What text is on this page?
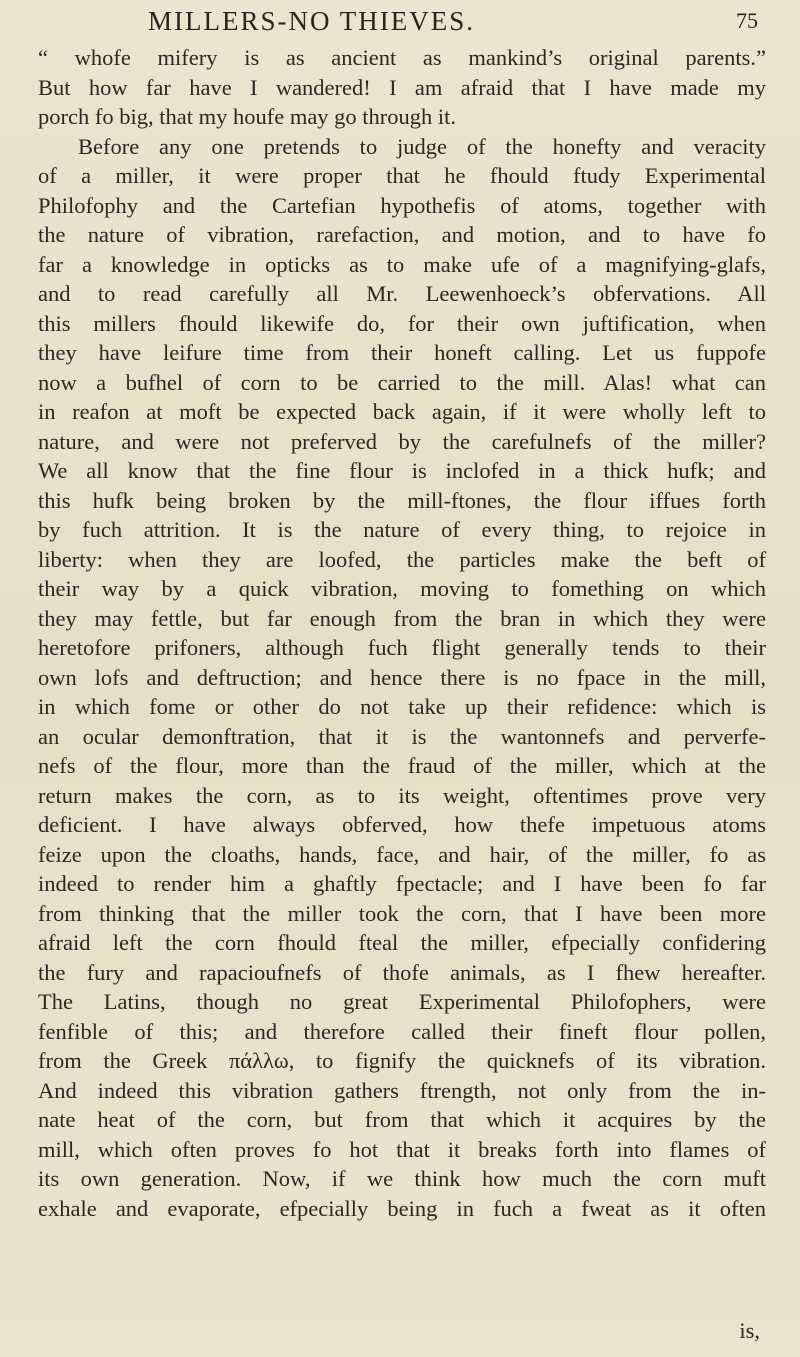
MILLERS-NO THIEVES.	75
“ whofe mifery is as ancient as mankind’s original parents.”
But how far have I wandered! I am afraid that I have made my
porch fo big, that my houfe may go through it.
Before any one pretends to judge of the honefty and veracity
of a miller, it were proper that he fhould ftudy Experimental
Philofophy and the Cartefian hypothefis of atoms, together with
the nature of vibration, rarefaction, and motion, and to have fo
far a knowledge in opticks as to make ufe of a magnifying-glafs,
and to read carefully all Mr. Leewenhoeck’s obfervations. All
this millers fhould likewife do, for their own juftification, when
they have leifure time from their honeft calling. Let us fuppofe
now a bufhel of corn to be carried to the mill. Alas! what can
in reafon at moft be expected back again, if it were wholly left to
nature, and were not preferved by the carefulnefs of the miller?
We all know that the fine flour is inclofed in a thick hufk; and
this hufk being broken by the mill-ftones, the flour iffues forth
by fuch attrition. It is the nature of every thing, to rejoice in
liberty: when they are loofed, the particles make the beft of
their way by a quick vibration, moving to fomething on which
they may fettle, but far enough from the bran in which they were
heretofore prifoners, although fuch flight generally tends to their
own lofs and deftruction; and hence there is no fpace in the mill,
in which fome or other do not take up their refidence: which is
an ocular demonftration, that it is the wantonnefs and perverfe-
nefs of the flour, more than the fraud of the miller, which at the
return makes the corn, as to its weight, oftentimes prove very
deficient. I have always obferved, how thefe impetuous atoms
feize upon the cloaths, hands, face, and hair, of the miller, fo as
indeed to render him a ghaftly fpectacle; and I have been fo far
from thinking that the miller took the corn, that I have been more
afraid left the corn fhould fteal the miller, efpecially confidering
the fury and rapacioufnefs of thofe animals, as I fhew hereafter.
The Latins, though no great Experimental Philofophers, were
fenfible of this; and therefore called their fineft flour pollen,
from the Greek πάλλω, to fignify the quicknefs of its vibration.
And indeed this vibration gathers ftrength, not only from the in-
nate heat of the corn, but from that which it acquires by the
mill, which often proves fo hot that it breaks forth into flames of
its own generation. Now, if we think how much the corn muft
exhale and evaporate, efpecially being in fuch a fweat as it often
is,
